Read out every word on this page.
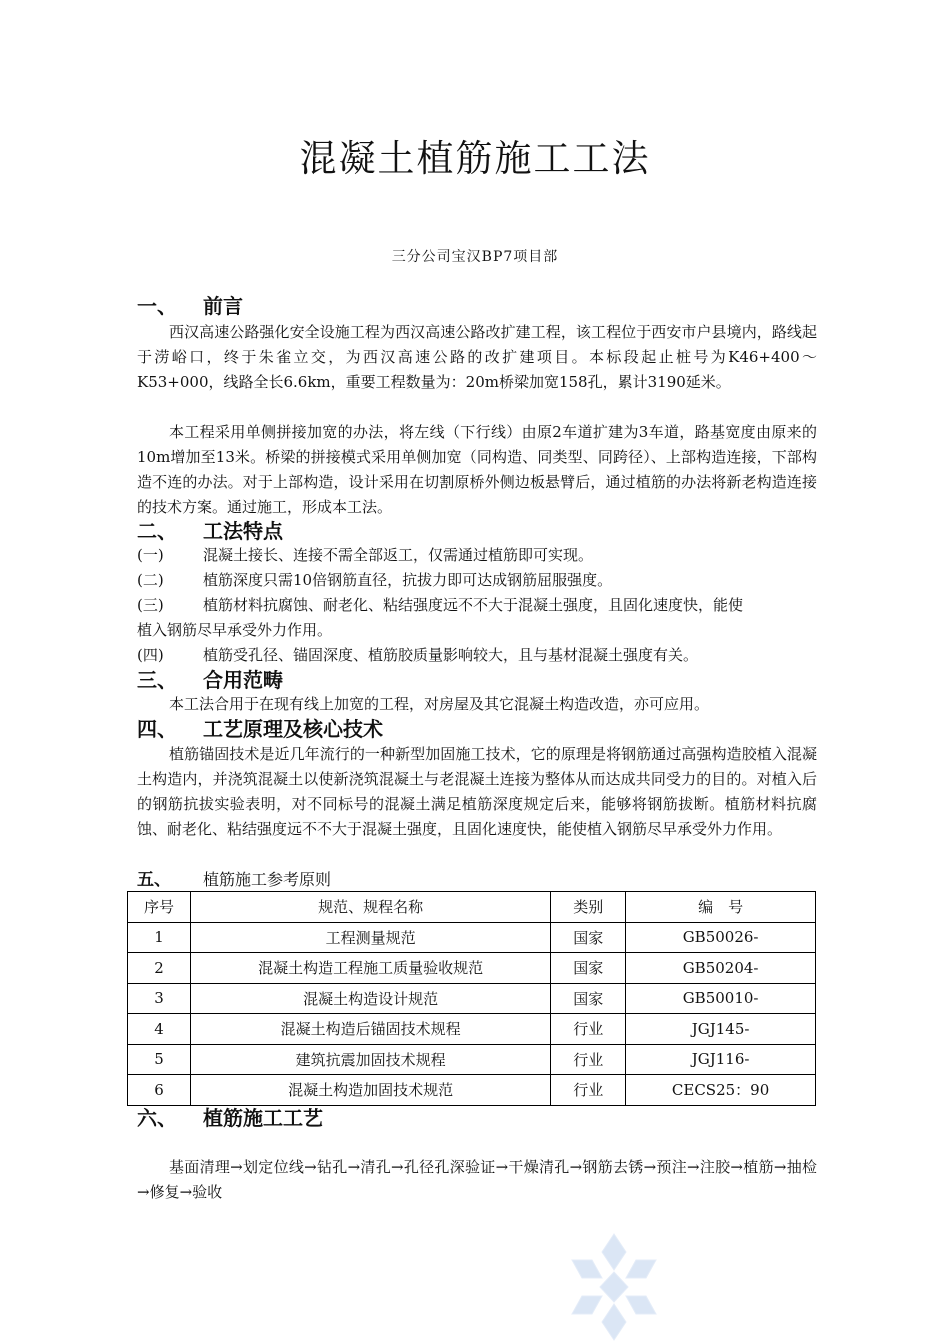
混凝土植筋施工工法
三分公司宝汉BP7项目部
一、 前言
西汉高速公路强化安全设施工程为西汉高速公路改扩建工程，该工程位于西安市户县境内，路线起于涝峪口，终于朱雀立交，为西汉高速公路的改扩建项目。本标段起止桩号为K46+400～K53+000，线路全长6.6km，重要工程数量为：20m桥梁加宽158孔，累计3190延米。
本工程采用单侧拼接加宽的办法，将左线（下行线）由原2车道扩建为3车道，路基宽度由原来的10m增加至13米。桥梁的拼接模式采用单侧加宽（同构造、同类型、同跨径）、上部构造连接，下部构造不连的办法。对于上部构造，设计采用在切割原桥外侧边板悬臂后，通过植筋的办法将新老构造连接的技术方案。通过施工，形成本工法。
二、 工法特点
(一)	混凝土接长、连接不需全部返工，仅需通过植筋即可实现。
(二)	植筋深度只需10倍钢筋直径，抗拔力即可达成钢筋屈服强度。
(三)	植筋材料抗腐蚀、耐老化、粘结强度远不不大于混凝土强度，且固化速度快，能使
植入钢筋尽早承受外力作用。
(四)	植筋受孔径、锚固深度、植筋胶质量影响较大，且与基材混凝土强度有关。
三、 合用范畴
本工法合用于在现有线上加宽的工程，对房屋及其它混凝土构造改造，亦可应用。
四、 工艺原理及核心技术
植筋锚固技术是近几年流行的一种新型加固施工技术，它的原理是将钢筋通过高强构造胶植入混凝土构造内，并浇筑混凝土以使新浇筑混凝土与老混凝土连接为整体从而达成共同受力的目的。对植入后的钢筋抗拔实验表明，对不同标号的混凝土满足植筋深度规定后来，能够将钢筋拔断。植筋材料抗腐蚀、耐老化、粘结强度远不不大于混凝土强度，且固化速度快，能使植入钢筋尽早承受外力作用。
五、 植筋施工参考原则
序号	规范、规程名称	类别	编　号
1	工程测量规范	国家	GB50026-
2	混凝土构造工程施工质量验收规范	国家	GB50204-
3	混凝土构造设计规范	国家	GB50010-
4	混凝土构造后锚固技术规程	行业	JGJ145-
5	建筑抗震加固技术规程	行业	JGJ116-
6	混凝土构造加固技术规范	行业	CECS25：90
六、 植筋施工工艺
基面清理→划定位线→钻孔→清孔→孔径孔深验证→干燥清孔→钢筋去锈→预注→注胶→植筋→抽检→修复→验收
